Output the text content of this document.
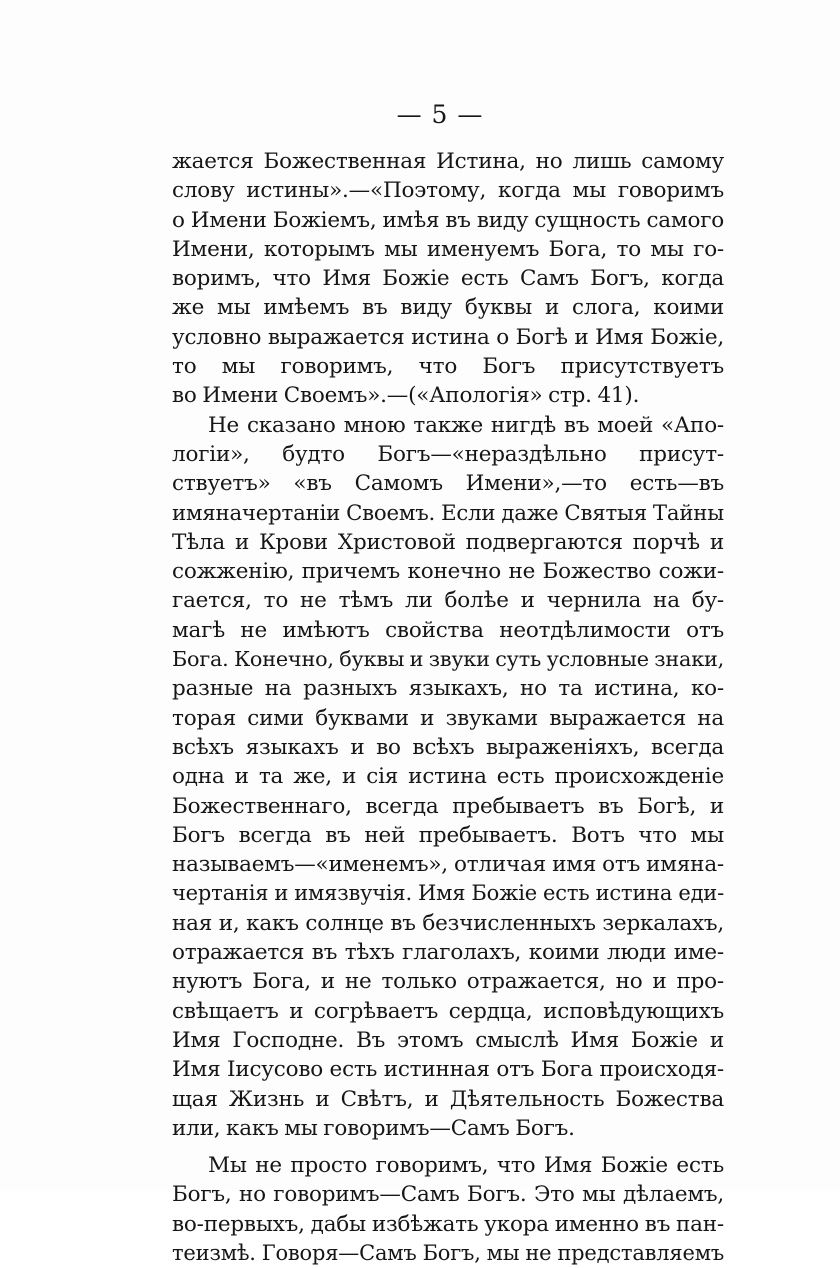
— 5 —
жается Божественная Истина, но лишь самому
слову истины».—«Поэтому, когда мы говоримъ
о Имени Божіемъ, имѣя въ виду сущность самого
Имени, которымъ мы именуемъ Бога, то мы го-
воримъ, что Имя Божіе есть Самъ Богъ, когда
же мы имѣемъ въ виду буквы и слога, коими
условно выражается истина о Богѣ и Имя Божіе,
то мы говоримъ, что Богъ присутствуетъ
во Имени Своемъ».—(«Апологія» стр. 41).
Не сказано мною также нигдѣ въ моей «Апо-
логіи», будто Богъ—«нераздѣльно присут-
ствуетъ» «въ Самомъ Имени»,—то есть—въ
имяначертаніи Своемъ. Если даже Святыя Тайны
Тѣла и Крови Христовой подвергаются порчѣ и
сожженію, причемъ конечно не Божество сожи-
гается, то не тѣмъ ли болѣе и чернила на бу-
магѣ не имѣютъ свойства неотдѣлимости отъ
Бога. Конечно, буквы и звуки суть условные знаки,
разные на разныхъ языкахъ, но та истина, ко-
торая сими буквами и звуками выражается на
всѣхъ языкахъ и во всѣхъ выраженіяхъ, всегда
одна и та же, и сія истина есть происхожденіе
Божественнаго, всегда пребываетъ въ Богѣ, и
Богъ всегда въ ней пребываетъ. Вотъ что мы
называемъ—«именемъ», отличая имя отъ имяна-
чертанія и имязвучія. Имя Божіе есть истина еди-
ная и, какъ солнце въ безчисленныхъ зеркалахъ,
отражается въ тѣхъ глаголахъ, коими люди име-
нуютъ Бога, и не только отражается, но и про-
свѣщаетъ и согрѣваетъ сердца, исповѣдующихъ
Имя Господне. Въ этомъ смыслѣ Имя Божіе и
Имя Іисусово есть истинная отъ Бога происходя-
щая Жизнь и Свѣтъ, и Дѣятельность Божества
или, какъ мы говоримъ—Самъ Богъ.
Мы не просто говоримъ, что Имя Божіе есть
Богъ, но говоримъ—Самъ Богъ. Это мы дѣлаемъ,
во-первыхъ, дабы избѣжать укора именно въ пан-
теизмѣ. Говоря—Самъ Богъ, мы не представляемъ
